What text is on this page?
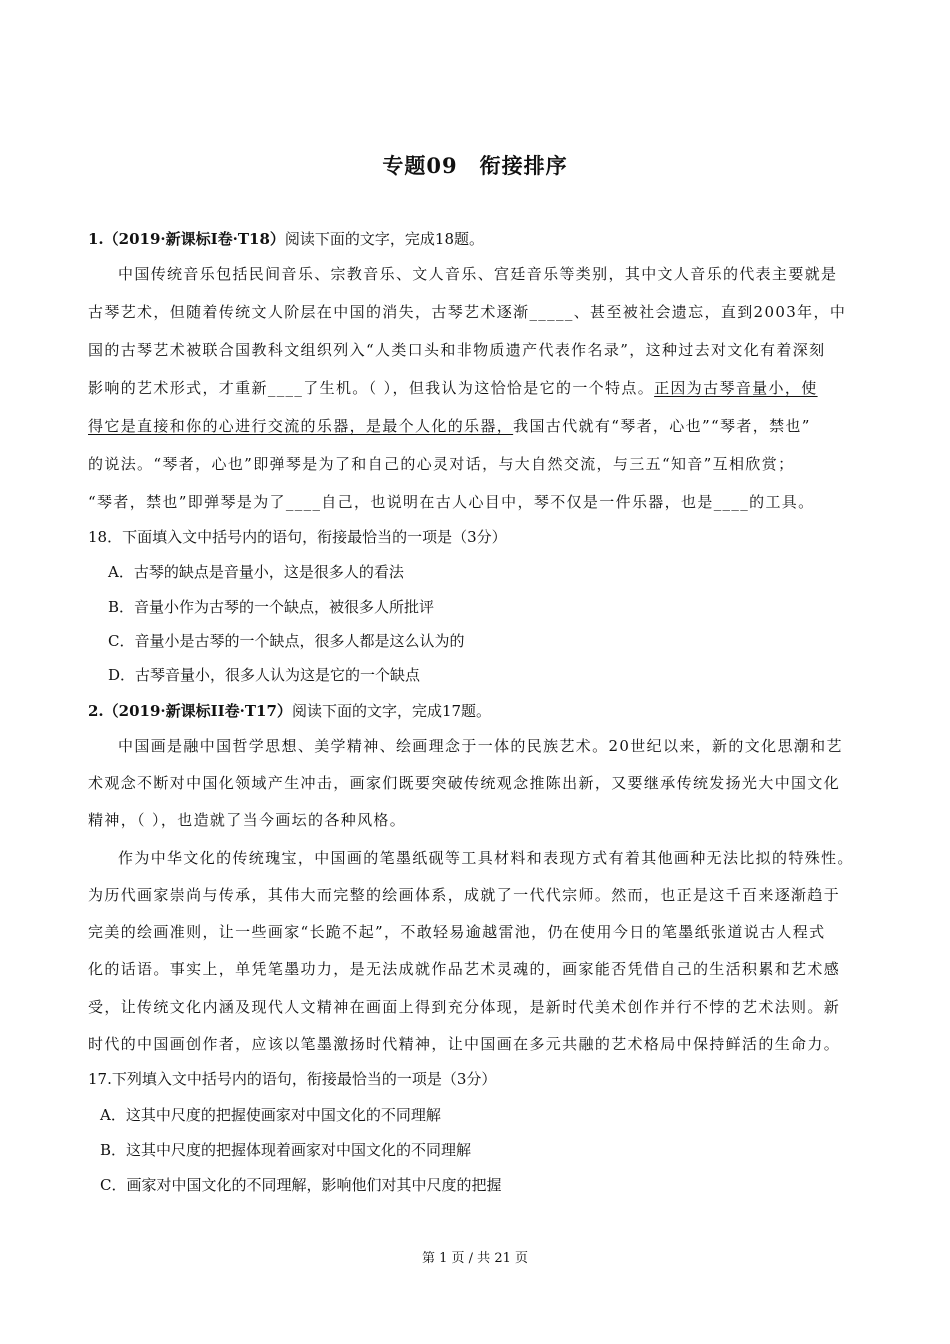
专题09　衔接排序
1.（2019·新课标Ⅰ卷·T18）阅读下面的文字，完成18题。
中国传统音乐包括民间音乐、宗教音乐、文人音乐、宫廷音乐等类别，其中文人音乐的代表主要就是
古琴艺术，但随着传统文人阶层在中国的消失，古琴艺术逐渐_____、甚至被社会遗忘，直到2003年，中
国的古琴艺术被联合国教科文组织列入“人类口头和非物质遗产代表作名录”，这种过去对文化有着深刻
影响的艺术形式，才重新____了生机。（ ），但我认为这恰恰是它的一个特点。正因为古琴音量小，使
得它是直接和你的心进行交流的乐器，是最个人化的乐器，我国古代就有“琴者，心也”“琴者，禁也”
的说法。“琴者，心也”即弹琴是为了和自己的心灵对话，与大自然交流，与三五“知音”互相欣赏；
“琴者，禁也”即弹琴是为了____自己，也说明在古人心目中，琴不仅是一件乐器，也是____的工具。
18．下面填入文中括号内的语句，衔接最恰当的一项是（3分）
A．古琴的缺点是音量小，这是很多人的看法
B．音量小作为古琴的一个缺点，被很多人所批评
C．音量小是古琴的一个缺点，很多人都是这么认为的
D．古琴音量小，很多人认为这是它的一个缺点
2.（2019·新课标II卷·T17）阅读下面的文字，完成17题。
中国画是融中国哲学思想、美学精神、绘画理念于一体的民族艺术。20世纪以来，新的文化思潮和艺
术观念不断对中国化领域产生冲击，画家们既要突破传统观念推陈出新，又要继承传统发扬光大中国文化
精神，（ ），也造就了当今画坛的各种风格。
作为中华文化的传统瑰宝，中国画的笔墨纸砚等工具材料和表现方式有着其他画种无法比拟的特殊性。
为历代画家崇尚与传承，其伟大而完整的绘画体系，成就了一代代宗师。然而，也正是这千百来逐渐趋于
完美的绘画准则，让一些画家“长跪不起”，不敢轻易逾越雷池，仍在使用今日的笔墨纸张道说古人程式
化的话语。事实上，单凭笔墨功力，是无法成就作品艺术灵魂的，画家能否凭借自己的生活积累和艺术感
受，让传统文化内涵及现代人文精神在画面上得到充分体现，是新时代美术创作并行不悖的艺术法则。新
时代的中国画创作者，应该以笔墨激扬时代精神，让中国画在多元共融的艺术格局中保持鲜活的生命力。
17.下列填入文中括号内的语句，衔接最恰当的一项是（3分）
A．这其中尺度的把握使画家对中国文化的不同理解
B．这其中尺度的把握体现着画家对中国文化的不同理解
C．画家对中国文化的不同理解，影响他们对其中尺度的把握
第 1 页 / 共 21 页
